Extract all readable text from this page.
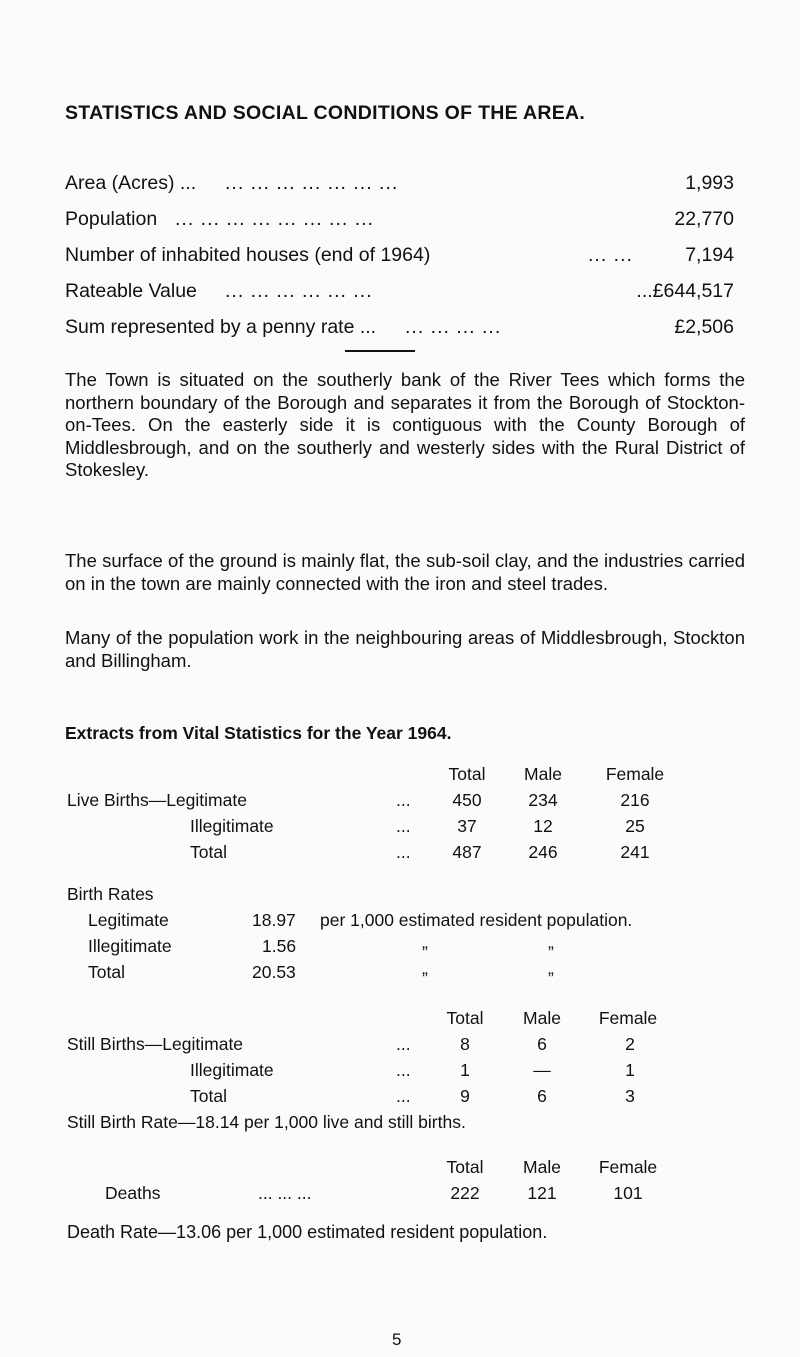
STATISTICS AND SOCIAL CONDITIONS OF THE AREA.
Area (Acres) ... ... ... ... ... ... ... ...	1,993
Population ... ... ... ... ... ... ... ...	22,770
Number of inhabited houses (end of 1964)	... ...	7,194
Rateable Value ... ... ... ... ... ...	...£644,517
Sum represented by a penny rate ... ... ... ... ...	£2,506

The Town is situated on the southerly bank of the River Tees which forms the northern boundary of the Borough and separates it from the Borough of Stockton-on-Tees. On the easterly side it is contiguous with the County Borough of Middlesbrough, and on the southerly and westerly sides with the Rural District of Stokesley.

The surface of the ground is mainly flat, the sub-soil clay, and the industries carried on in the town are mainly connected with the iron and steel trades.

Many of the population work in the neighbouring areas of Middlesbrough, Stockton and Billingham.

Extracts from Vital Statistics for the Year 1964.
Total	Male	Female
Live Births—Legitimate	...	450	234	216
Illegitimate	...	37	12	25
Total	...	487	246	241
Birth Rates
Legitimate	18.97 per 1,000 estimated resident population.
Illegitimate	1.56	„	„
Total	20.53	„	„
Total	Male	Female
Still Births—Legitimate	...	8	6	2
Illegitimate	...	1	—	1
Total	...	9	6	3
Still Birth Rate—18.14 per 1,000 live and still births.
Total	Male	Female
Deaths	... ... ...	222	121	101
Death Rate—13.06 per 1,000 estimated resident population.
5
